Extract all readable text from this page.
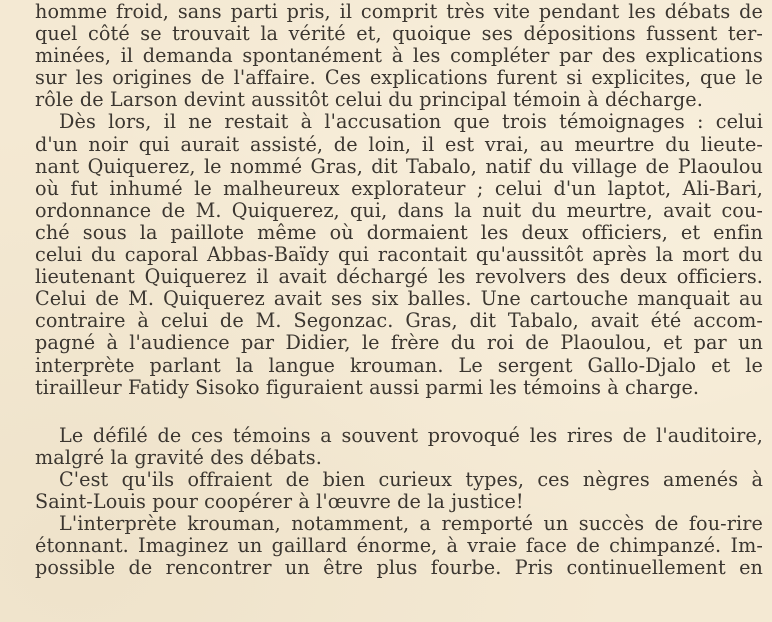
homme froid, sans parti pris, il comprit très vite pendant les débats de
quel côté se trouvait la vérité et, quoique ses dépositions fussent ter-
minées, il demanda spontanément à les compléter par des explications
sur les origines de l'affaire. Ces explications furent si explicites, que le
rôle de Larson devint aussitôt celui du principal témoin à décharge.
Dès lors, il ne restait à l'accusation que trois témoignages : celui
d'un noir qui aurait assisté, de loin, il est vrai, au meurtre du lieute-
nant Quiquerez, le nommé Gras, dit Tabalo, natif du village de Plaoulou
où fut inhumé le malheureux explorateur ; celui d'un laptot, Ali-Bari,
ordonnance de M. Quiquerez, qui, dans la nuit du meurtre, avait cou-
ché sous la paillote même où dormaient les deux officiers, et enfin
celui du caporal Abbas-Baïdy qui racontait qu'aussitôt après la mort du
lieutenant Quiquerez il avait déchargé les revolvers des deux officiers.
Celui de M. Quiquerez avait ses six balles. Une cartouche manquait au
contraire à celui de M. Segonzac. Gras, dit Tabalo, avait été accom-
pagné à l'audience par Didier, le frère du roi de Plaoulou, et par un
interprète parlant la langue krouman. Le sergent Gallo-Djalo et le
tirailleur Fatidy Sisoko figuraient aussi parmi les témoins à charge.
Le défilé de ces témoins a souvent provoqué les rires de l'auditoire,
malgré la gravité des débats.
C'est qu'ils offraient de bien curieux types, ces nègres amenés à
Saint-Louis pour coopérer à l'œuvre de la justice!
L'interprète krouman, notamment, a remporté un succès de fou-rire
étonnant. Imaginez un gaillard énorme, à vraie face de chimpanzé. Im-
possible de rencontrer un être plus fourbe. Pris continuellement en
